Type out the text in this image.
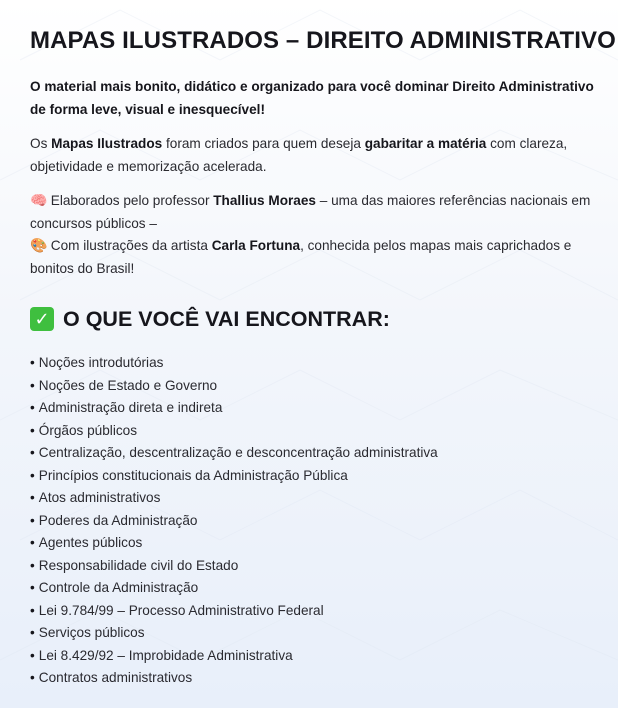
MAPAS ILUSTRADOS – DIREITO ADMINISTRATIVO

O material mais bonito, didático e organizado para você dominar Direito Administrativo de forma leve, visual e inesquecível!

Os Mapas Ilustrados foram criados para quem deseja gabaritar a matéria com clareza, objetividade e memorização acelerada.

🧠 Elaborados pelo professor Thallius Moraes – uma das maiores referências nacionais em concursos públicos –
🎨 Com ilustrações da artista Carla Fortuna, conhecida pelos mapas mais caprichados e bonitos do Brasil!

✓ O QUE VOCÊ VAI ENCONTRAR:
• Noções introdutórias
• Noções de Estado e Governo
• Administração direta e indireta
• Órgãos públicos
• Centralização, descentralização e desconcentração administrativa
• Princípios constitucionais da Administração Pública
• Atos administrativos
• Poderes da Administração
• Agentes públicos
• Responsabilidade civil do Estado
• Controle da Administração
• Lei 9.784/99 – Processo Administrativo Federal
• Serviços públicos
• Lei 8.429/92 – Improbidade Administrativa
• Contratos administrativos
